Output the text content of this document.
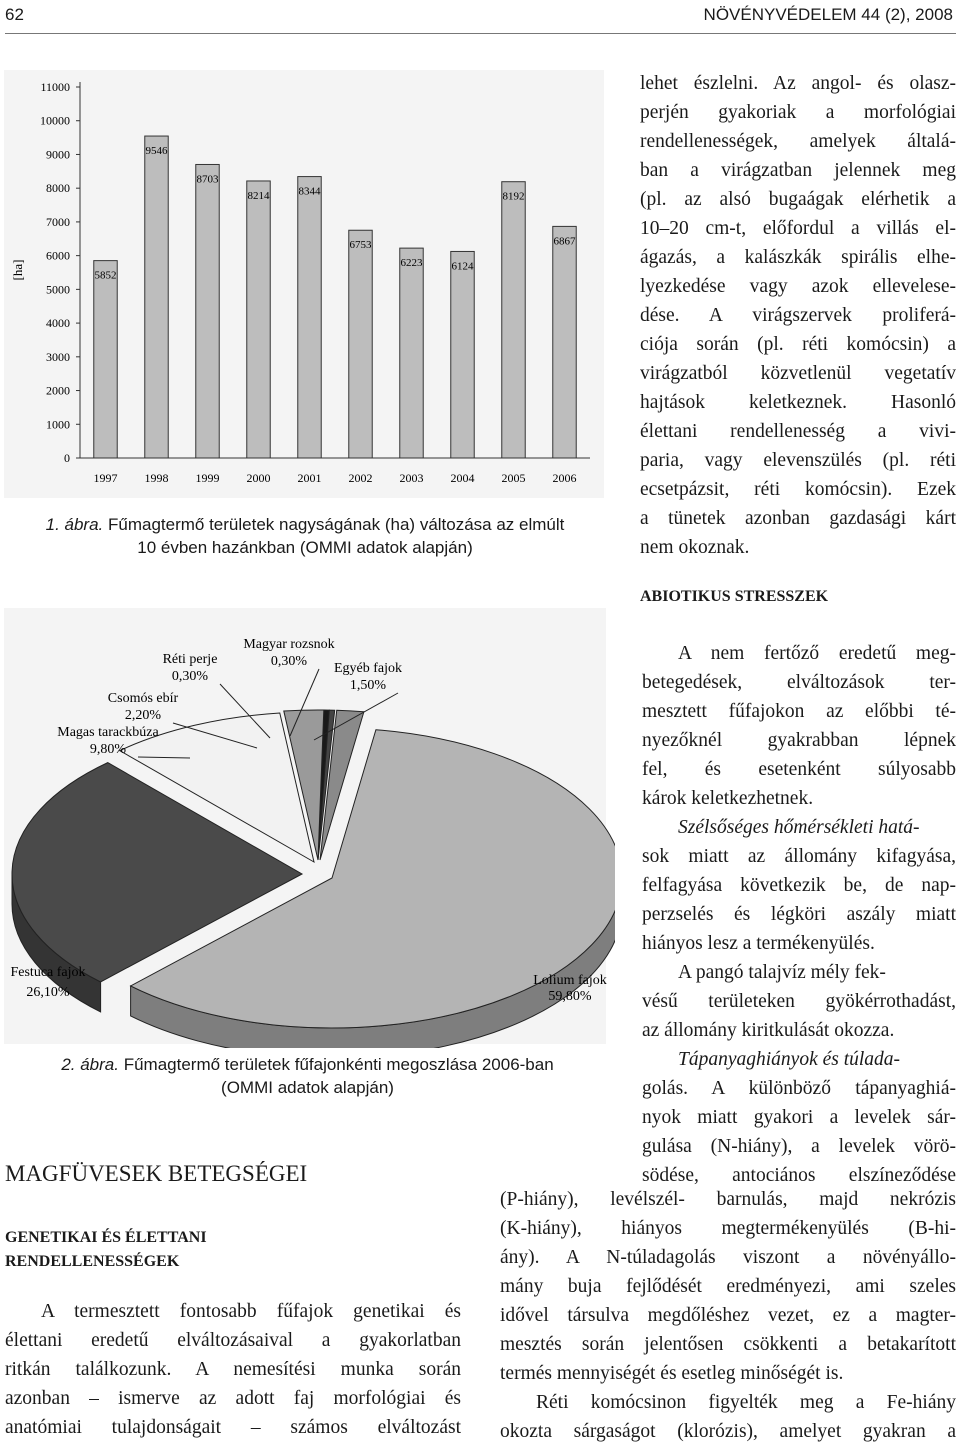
62	NÖVÉNYVÉDELEM 44 (2), 2008
0
1000
2000
3000
4000
5000
6000
7000
8000
9000
10000
11000
5852
9546
8703
8214	8344
6753
6223	6124
8192
6867
1997 1998 1999 2000 2001 2002 2003 2004 2005 2006
[ha]
1. ábra. Fűmagtermő területek nagyságának (ha) változása az elmúlt
10 évben hazánkban (OMMI adatok alapján)
lehet észlelni. Az angol- és olasz-
perjén gyakoriak a morfológiai
rendellenességek, amelyek általá-
ban a virágzatban jelennek meg
(pl. az alsó bugaágak elérhetik a
10–20 cm-t, előfordul a villás el-
ágazás, a kalászkák spirális elhe-
lyezkedése vagy azok ellevelese-
dése. A virágszervek proliferá-
ciója során (pl. réti komócsin) a
virágzatból közvetlenül vegetatív
hajtások keletkeznek. Hasonló
élettani rendellenesség a vivi-
paria, vagy elevenszülés (pl. réti
ecsetpázsit, réti komócsin). Ezek
a tünetek azonban gazdasági kárt
nem okoznak.
ABIOTIKUS STRESSZEK
Lolium fajok
59,80%
Festuca fajok
26,10%
Magas tarackbúza
9,80%
Csomós ebír
2,20%
Réti perje
0,30%
Magyar rozsnok
0,30% Egyéb fajok
1,50%
2. ábra. Fűmagtermő területek fűfajonkénti megoszlása 2006-ban
(OMMI adatok alapján)
A nem fertőző eredetű meg-
betegedések, elváltozások ter-
mesztett fűfajokon az előbbi té-
nyezőknél gyakrabban lépnek
fel, és esetenként súlyosabb
károk keletkezhetnek.
Szélsőséges hőmérsékleti hatá-
sok miatt az állomány kifagyása,
felfagyása következik be, de nap-
perzselés és légköri aszály miatt
hiányos lesz a termékenyülés.
A pangó talajvíz mély fek-
vésű területeken gyökérrothadást,
az állomány kiritkulását okozza.
Tápanyaghiányok és túlada-
golás. A különböző tápanyaghiá-
nyok miatt gyakori a levelek sár-
gulása (N-hiány), a levelek vörö-
södése, antociános elszíneződése
(P-hiány), levélszél- barnulás, majd nekrózis
(K-hiány), hiányos megtermékenyülés (B-hi-
ány). A N-túladagolás viszont a növényállo-
mány buja fejlődését eredményezi, ami szeles
idővel társulva megdőléshez vezet, ez a magter-
mesztés során jelentősen csökkenti a betakarított
termés mennyiségét és esetleg minőségét is.
Réti komócsinon figyelték meg a Fe-hiány
okozta sárgaságot (klorózis), amelyet gyakran a
MAGFÜVESEK BETEGSÉGEI
GENETIKAI ÉS ÉLETTANI
RENDELLENESSÉGEK
A termesztett fontosabb fűfajok genetikai és
élettani eredetű elváltozásaival a gyakorlatban
ritkán találkozunk. A nemesítési munka során
azonban – ismerve az adott faj morfológiai és
anatómiai tulajdonságait – számos elváltozást
